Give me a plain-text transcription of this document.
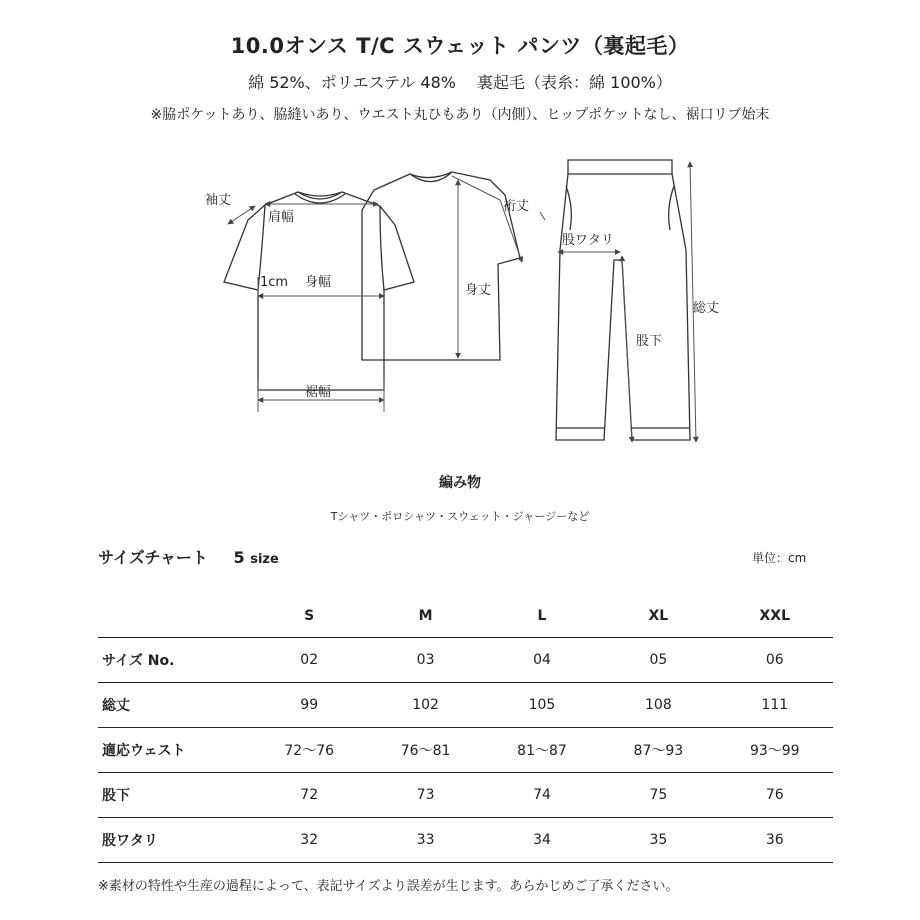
10.0オンス T/C スウェット パンツ（裏起毛）
綿 52%、ポリエステル 48%　 裏起毛（表糸：綿 100%）
※脇ポケットあり、脇縫いあり、ウエスト丸ひもあり（内側）、ヒップポケットなし、裾口リブ始末
袖丈
肩幅
1cm 身幅
裾幅
身丈
裄丈
股ワタリ
股下
総丈
編み物
Tシャツ・ポロシャツ・スウェット・ジャージーなど
サイズチャート 5 size	単位：cm
	S	M	L	XL	XXL
サイズ No.	02	03	04	05	06
総丈	99	102	105	108	111
適応ウェスト	72〜76	76〜81	81〜87	87〜93	93〜99
股下	72	73	74	75	76
股ワタリ	32	33	34	35	36
※素材の特性や生産の過程によって、表記サイズより誤差が生じます。あらかじめご了承ください。
